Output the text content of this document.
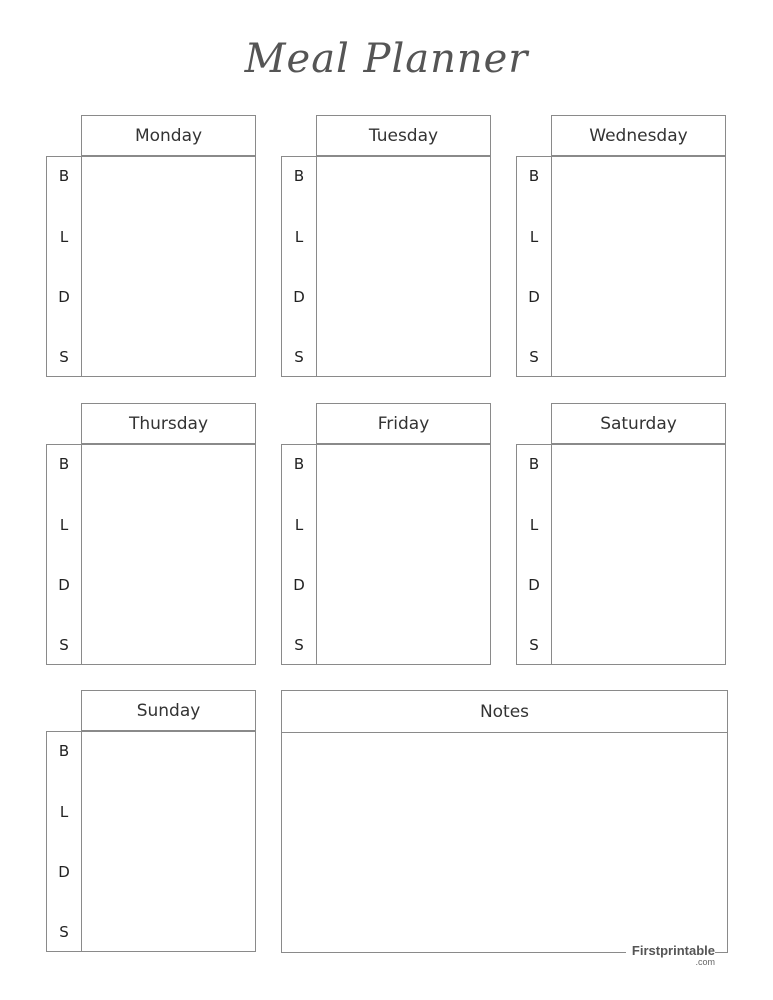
Meal Planner
Monday
B
L
D
S
Tuesday
B
L
D
S
Wednesday
B
L
D
S
Thursday
B
L
D
S
Friday
B
L
D
S
Saturday
B
L
D
S
Sunday
B
L
D
S
Notes
Firstprintable
.com
